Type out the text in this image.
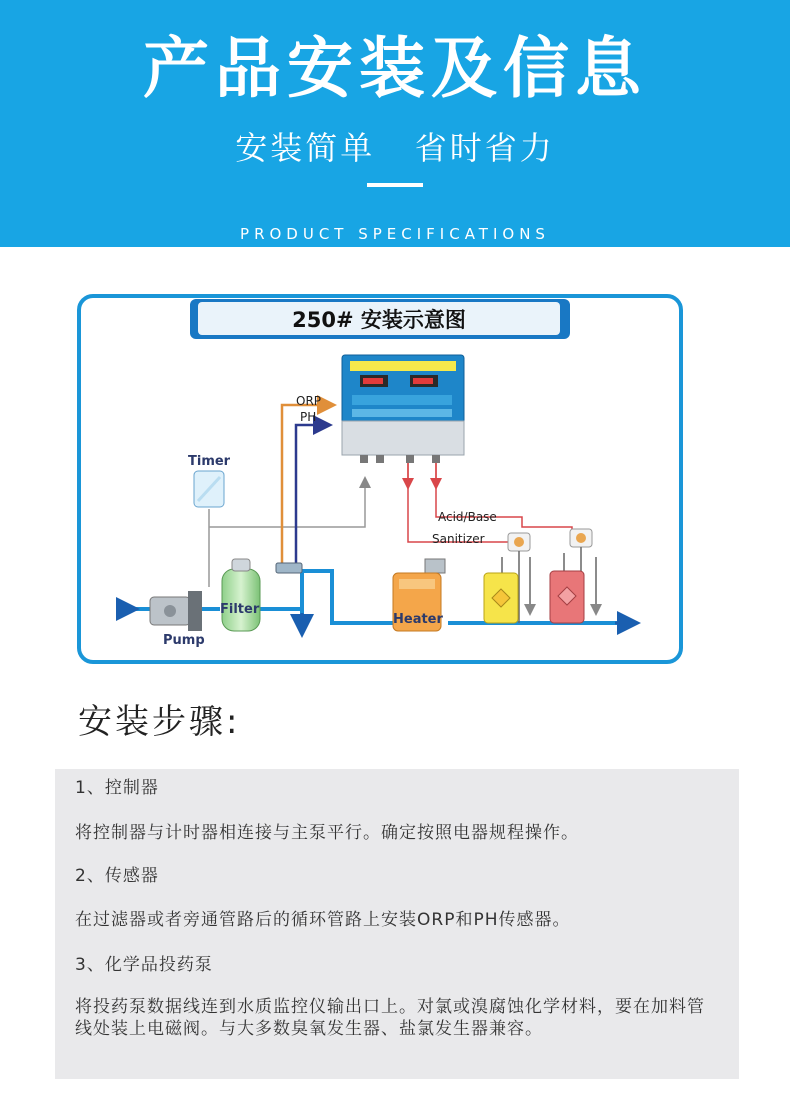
产品安装及信息
安装简单   省时省力
PRODUCT SPECIFICATIONS
250# 安装示意图
Pump
Filter
Timer
ORP
PH
Heater
Acid/Base
Sanitizer
安装步骤:
1、控制器
将控制器与计时器相连接与主泵平行。确定按照电器规程操作。
2、传感器
在过滤器或者旁通管路后的循环管路上安装ORP和PH传感器。
3、化学品投药泵
将投药泵数据线连到水质监控仪输出口上。对氯或溴腐蚀化学材料，要在加料管线处装上电磁阀。与大多数臭氧发生器、盐氯发生器兼容。
